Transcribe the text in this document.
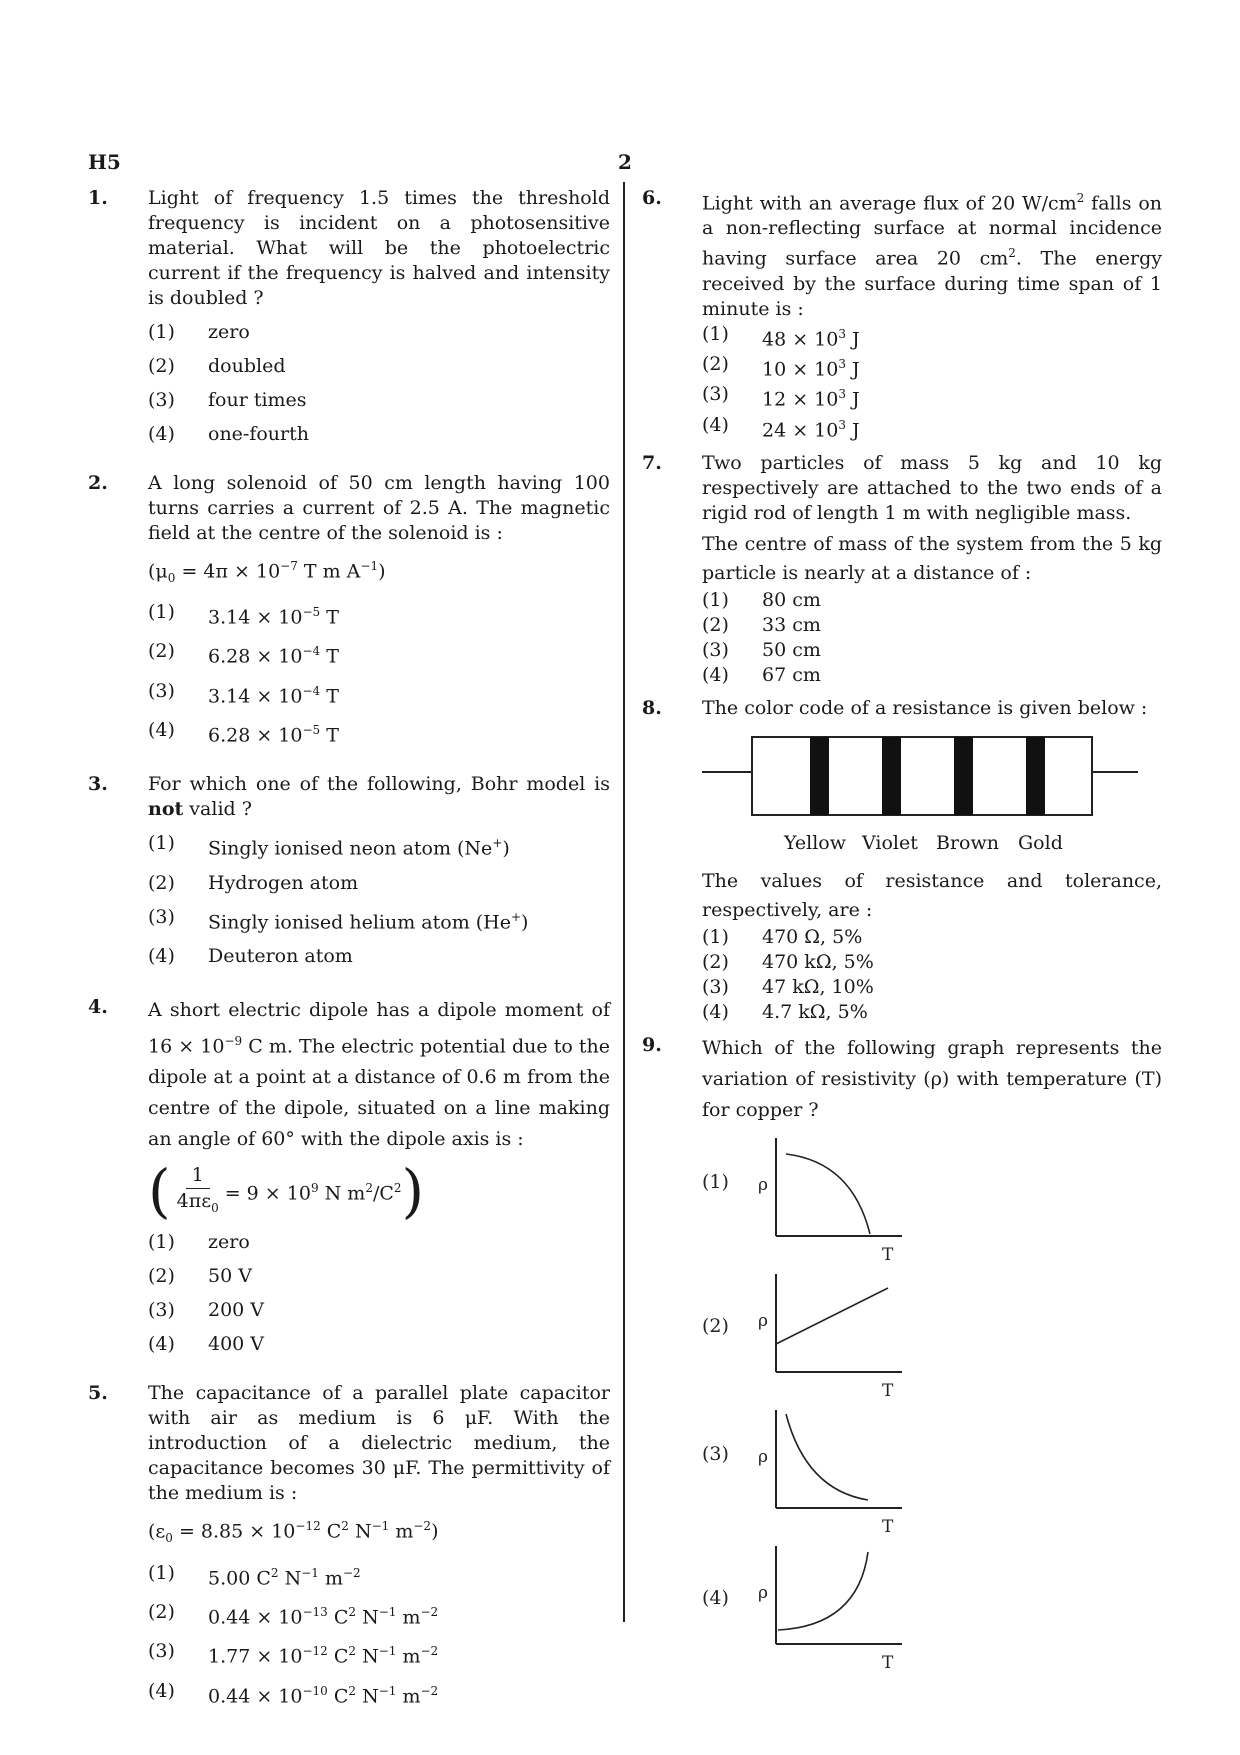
H5	2
1.	Light of frequency 1.5 times the threshold frequency is incident on a photosensitive material. What will be the photoelectric current if the frequency is halved and intensity is doubled ?

(1)	zero
(2)	doubled
(3)	four times
(4)	one-fourth
2.	A long solenoid of 50 cm length having 100 turns carries a current of 2.5 A. The magnetic field at the centre of the solenoid is :

($\mu_0 = 4\pi \times 10^{-7}$ T m $A^{-1}$)

(1)	$3.14 \times 10^{-5}$ T
(2)	$6.28 \times 10^{-4}$ T
(3)	$3.14 \times 10^{-4}$ T
(4)	$6.28 \times 10^{-5}$ T
3.	For which one of the following, Bohr model is not valid ?

(1)	Singly ionised neon atom (Ne+)
(2)	Hydrogen atom
(3)	Singly ionised helium atom (He+)
(4)	Deuteron atom
4.	A short electric dipole has a dipole moment of $16 \times 10^{-9}$ C m. The electric potential due to the dipole at a point at a distance of 0.6 m from the centre of the dipole, situated on a line making an angle of 60° with the dipole axis is :

( $\frac{1}{4\pi\varepsilon_0} = 9 \times 10^9$ N $m^2/C^2$ )
(1)	zero
(2)	50 V
(3)	200 V
(4)	400 V
5.	The capacitance of a parallel plate capacitor with air as medium is 6 μF. With the introduction of a dielectric medium, the capacitance becomes 30 μF. The permittivity of the medium is :

($\varepsilon_0 = 8.85 \times 10^{-12}$ $C^2$ $N^{-1}$ $m^{-2}$)

(1)	5.00 $C^2$ $N^{-1}$ $m^{-2}$
(2)	$0.44 \times 10^{-13}$ $C^2$ $N^{-1}$ $m^{-2}$
(3)	$1.77 \times 10^{-12}$ $C^2$ $N^{-1}$ $m^{-2}$
(4)	$0.44 \times 10^{-10}$ $C^2$ $N^{-1}$ $m^{-2}$
6.	Light with an average flux of 20 $W/cm^2$ falls on a non-reflecting surface at normal incidence having surface area 20 $cm^2$. The energy received by the surface during time span of 1 minute is :

(1)	$48 \times 10^3$ J
(2)	$10 \times 10^3$ J
(3)	$12 \times 10^3$ J
(4)	$24 \times 10^3$ J
7.	Two particles of mass 5 kg and 10 kg respectively are attached to the two ends of a rigid rod of length 1 m with negligible mass.

The centre of mass of the system from the 5 kg particle is nearly at a distance of :

(1)	80 cm
(2)	33 cm
(3)	50 cm
(4)	67 cm
8.	The color code of a resistance is given below :

Yellow Violet Brown Gold

The values of resistance and tolerance, respectively, are :

(1)	470 Ω, 5%
(2)	470 kΩ, 5%
(3)	47 kΩ, 10%
(4)	4.7 kΩ, 5%
9.	Which of the following graph represents the variation of resistivity (ρ) with temperature (T) for copper ?

(1) ρ
T
(2) ρ
T
(3) ρ
T
(4) ρ
T
